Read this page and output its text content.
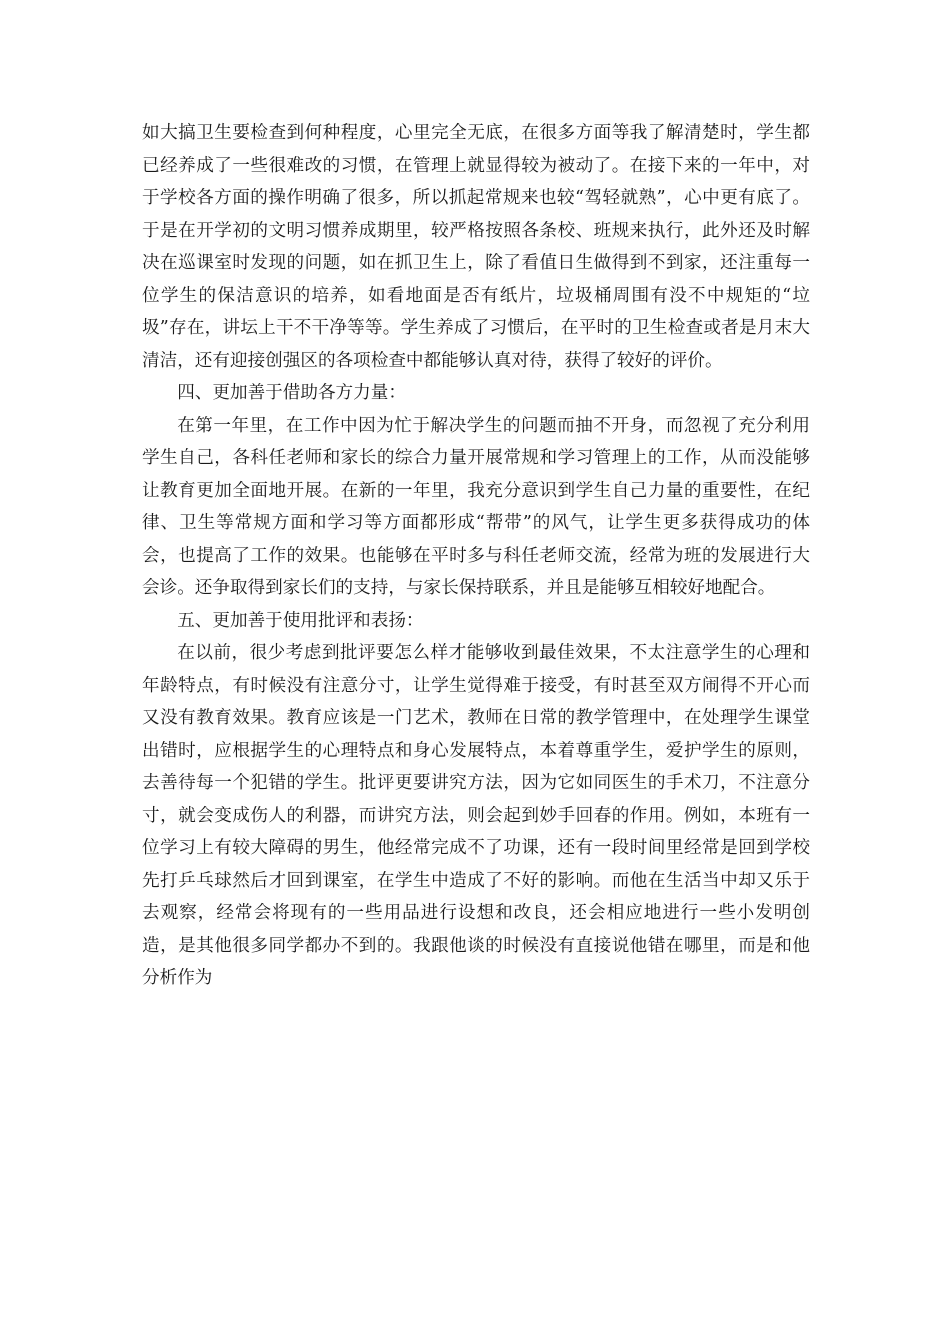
如大搞卫生要检查到何种程度，心里完全无底，在很多方面等我了解清楚时，学生都已经养成了一些很难改的习惯，在管理上就显得较为被动了。在接下来的一年中，对于学校各方面的操作明确了很多，所以抓起常规来也较“驾轻就熟”，心中更有底了。于是在开学初的文明习惯养成期里，较严格按照各条校、班规来执行，此外还及时解决在巡课室时发现的问题，如在抓卫生上，除了看值日生做得到不到家，还注重每一位学生的保洁意识的培养，如看地面是否有纸片，垃圾桶周围有没不中规矩的“垃圾”存在，讲坛上干不干净等等。学生养成了习惯后，在平时的卫生检查或者是月末大清洁，还有迎接创强区的各项检查中都能够认真对待，获得了较好的评价。

四、更加善于借助各方力量：

在第一年里，在工作中因为忙于解决学生的问题而抽不开身，而忽视了充分利用学生自己，各科任老师和家长的综合力量开展常规和学习管理上的工作，从而没能够让教育更加全面地开展。在新的一年里，我充分意识到学生自己力量的重要性，在纪律、卫生等常规方面和学习等方面都形成“帮带”的风气，让学生更多获得成功的体会，也提高了工作的效果。也能够在平时多与科任老师交流，经常为班的发展进行大会诊。还争取得到家长们的支持，与家长保持联系，并且是能够互相较好地配合。

五、更加善于使用批评和表扬：

在以前，很少考虑到批评要怎么样才能够收到最佳效果，不太注意学生的心理和年龄特点，有时候没有注意分寸，让学生觉得难于接受，有时甚至双方闹得不开心而又没有教育效果。教育应该是一门艺术，教师在日常的教学管理中，在处理学生课堂出错时，应根据学生的心理特点和身心发展特点，本着尊重学生，爱护学生的原则，去善待每一个犯错的学生。批评更要讲究方法，因为它如同医生的手术刀，不注意分寸，就会变成伤人的利器，而讲究方法，则会起到妙手回春的作用。例如，本班有一位学习上有较大障碍的男生，他经常完成不了功课，还有一段时间里经常是回到学校先打乒乓球然后才回到课室，在学生中造成了不好的影响。而他在生活当中却又乐于去观察，经常会将现有的一些用品进行设想和改良，还会相应地进行一些小发明创造，是其他很多同学都办不到的。我跟他谈的时候没有直接说他错在哪里，而是和他分析作为
